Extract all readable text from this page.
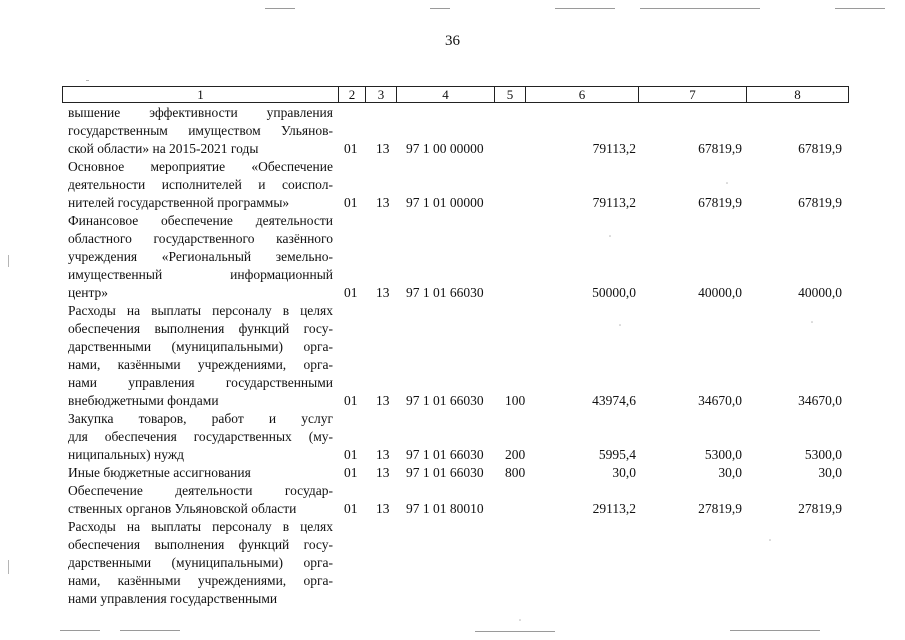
36
1	2	3	4	5	6	7	8
вышение эффективности управления
государственным имуществом Ульянов-
ской области» на 2015-2021 годы	01 13 97 1 00 00000	79113,2	67819,9	67819,9
Основное мероприятие «Обеспечение
деятельности исполнителей и соиспол-
нителей государственной программы»	01 13 97 1 01 00000	79113,2	67819,9	67819,9
Финансовое обеспечение деятельности
областного государственного казённого
учреждения «Региональный земельно-
имущественный информационный
центр»	01 13 97 1 01 66030	50000,0	40000,0	40000,0
Расходы на выплаты персоналу в целях
обеспечения выполнения функций госу-
дарственными (муниципальными) орга-
нами, казёнными учреждениями, орга-
нами управления государственными
внебюджетными фондами	01 13 97 1 01 66030 100	43974,6	34670,0	34670,0
Закупка товаров, работ и услуг
для обеспечения государственных (му-
ниципальных) нужд	01 13 97 1 01 66030 200	5995,4	5300,0	5300,0
Иные бюджетные ассигнования	01 13 97 1 01 66030 800	30,0	30,0	30,0
Обеспечение деятельности государ-
ственных органов Ульяновской области	01 13 97 1 01 80010	29113,2	27819,9	27819,9
Расходы на выплаты персоналу в целях
обеспечения выполнения функций госу-
дарственными (муниципальными) орга-
нами, казёнными учреждениями, орга-
нами управления государственными
